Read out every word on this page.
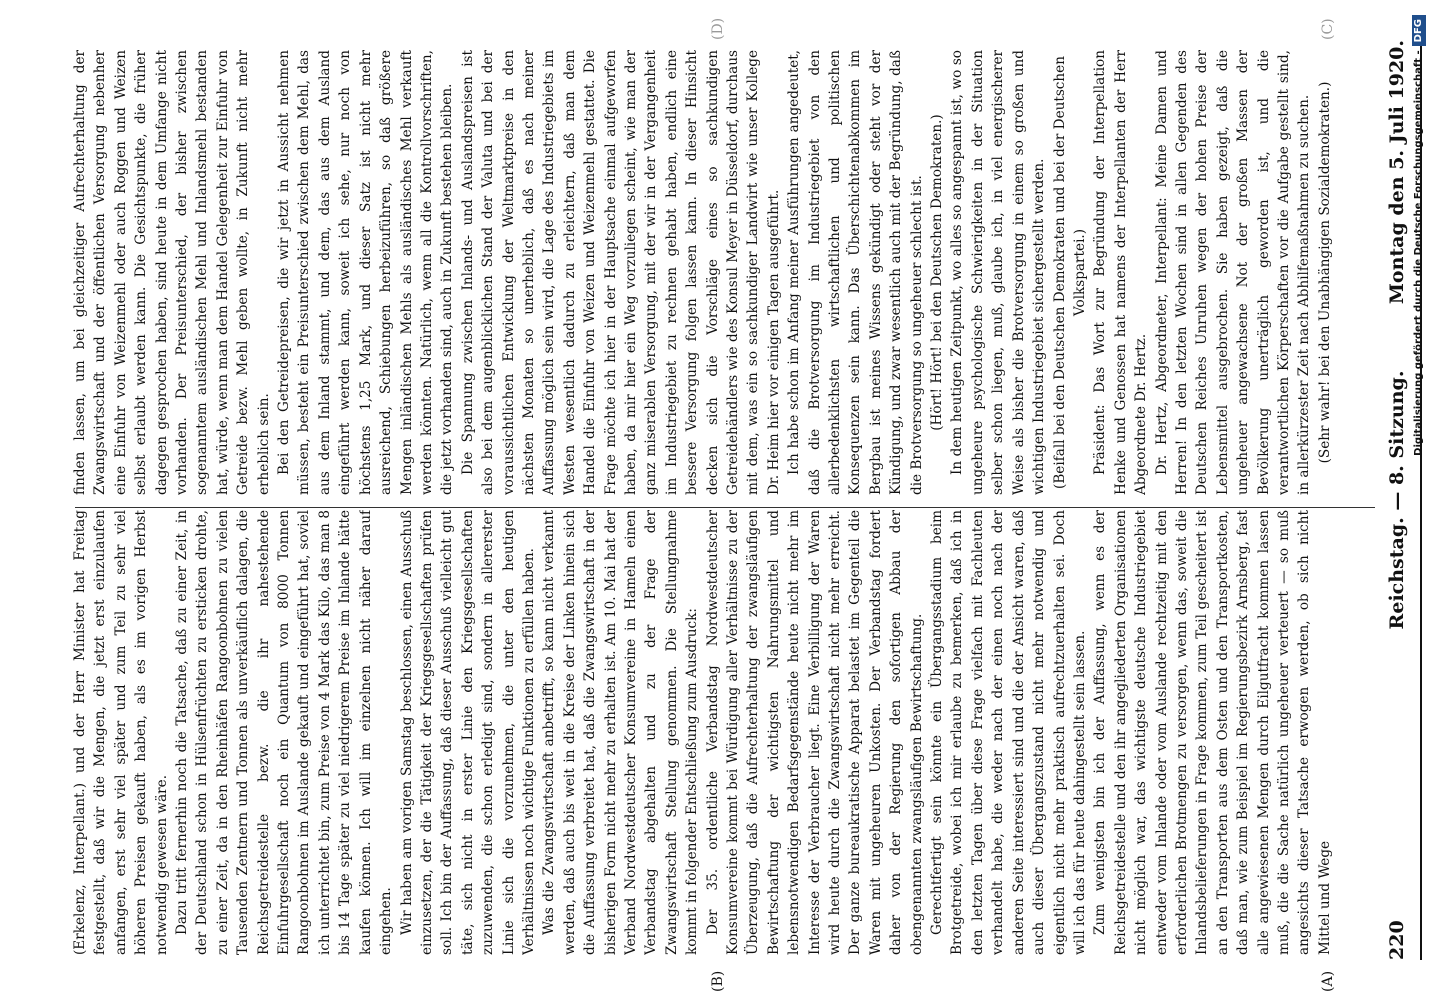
220
Reichstag. — 8. Sitzung.
Montag den 5. Juli 1920.
(A)
(B)
(C)
(D)

(Erkelenz, Interpellant.) und der Herr Minister hat Freitag festgestellt, daß wir die Mengen, die jetzt erst einzulaufen anfangen, erst sehr viel später und zum Teil zu sehr viel höheren Preisen gekauft haben, als es im vorigen Herbst notwendig gewesen wäre. Dazu tritt fernerhin noch die Tatsache, daß zu einer Zeit, in der Deutschland schon in Hülsenfrüchten zu ersticken drohte, zu einer Zeit, da in den Rheinhäfen Rangoonbohnen zu vielen Tausenden Zentnern und Tonnen als unverkäuflich dalagen, die Reichsgetreidestelle bezw. die ihr nahestehende Einfuhrgesellschaft noch ein Quantum von 8000 Tonnen Rangoonbohnen im Auslande gekauft und eingeführt hat, soviel ich unterrichtet bin, zum Preise von 4 Mark das Kilo, das man 8 bis 14 Tage später zu viel niedrigerem Preise im Inlande hätte kaufen können. Ich will im einzelnen nicht näher darauf eingehen. Wir haben am vorigen Samstag beschlossen, einen Ausschuß einzusetzen, der die Tätigkeit der Kriegsgesellschaften prüfen soll. Ich bin der Auffassung, daß dieser Ausschuß vielleicht gut täte, sich nicht in erster Linie den Kriegsgesellschaften zuzuwenden, die schon erledigt sind, sondern in allererster Linie sich die vorzunehmen, die unter den heutigen Verhältnissen noch wichtige Funktionen zu erfüllen haben. Was die Zwangswirtschaft anbetrifft, so kann nicht verkannt werden, daß auch bis weit in die Kreise der Linken hinein sich die Auffassung verbreitet hat, daß die Zwangswirtschaft in der bisherigen Form nicht mehr zu erhalten ist. Am 10. Mai hat der Verband Nordwestdeutscher Konsumvereine in Hameln einen Verbandstag abgehalten und zu der Frage der Zwangswirtschaft Stellung genommen. Die Stellungnahme kommt in folgender Entschließung zum Ausdruck: Der 35. ordentliche Verbandstag Nordwestdeutscher Konsumvereine kommt bei Würdigung aller Verhältnisse zu der Überzeugung, daß die Aufrechterhaltung der zwangsläufigen Bewirtschaftung der wichtigsten Nahrungsmittel und lebensnotwendigen Bedarfsgegenstände heute nicht mehr im Interesse der Verbraucher liegt. Eine Verbilligung der Waren wird heute durch die Zwangswirtschaft nicht mehr erreicht. Der ganze bureaukratische Apparat belastet im Gegenteil die Waren mit ungeheuren Unkosten. Der Verbandstag fordert daher von der Regierung den sofortigen Abbau der obengenannten zwangsläufigen Bewirtschaftung. Gerechtfertigt sein könnte ein Übergangsstadium beim Brotgetreide, wobei ich mir erlaube zu bemerken, daß ich in den letzten Tagen über diese Frage vielfach mit Fachleuten verhandelt habe, die weder nach der einen noch nach der anderen Seite interessiert sind und die der Ansicht waren, daß auch dieser Übergangszustand nicht mehr notwendig und eigentlich nicht mehr praktisch aufrechtzuerhalten sei. Doch will ich das für heute dahingestellt sein lassen. Zum wenigsten bin ich der Auffassung, wenn es der Reichsgetreidestelle und den ihr angegliederten Organisationen nicht möglich war, das wichtigste deutsche Industriegebiet entweder vom Inlande oder vom Auslande rechtzeitig mit den erforderlichen Brotmengen zu versorgen, wenn das, soweit die Inlandsbelieferungen in Frage kommen, zum Teil gescheitert ist an den Transporten aus dem Osten und den Transportkosten, daß man, wie zum Beispiel im Regierungsbezirk Arnsberg, fast alle angewiesenen Mengen durch Eilgutfracht kommen lassen muß, die die Sache natürlich ungeheuer verteuert — so muß angesichts dieser Tatsache erwogen werden, ob sich nicht Mittel und Wege

finden lassen, um bei gleichzeitiger Aufrechterhaltung der Zwangswirtschaft und der öffentlichen Versorgung nebenher eine Einfuhr von Weizenmehl oder auch Roggen und Weizen selbst erlaubt werden kann. Die Gesichtspunkte, die früher dagegen gesprochen haben, sind heute in dem Umfange nicht vorhanden. Der Preisunterschied, der bisher zwischen sogenanntem ausländischen Mehl und Inlandsmehl bestanden hat, würde, wenn man dem Handel Gelegenheit zur Einfuhr von Getreide bezw. Mehl geben wollte, in Zukunft nicht mehr erheblich sein. Bei den Getreidepreisen, die wir jetzt in Aussicht nehmen müssen, besteht ein Preisunterschied zwischen dem Mehl, das aus dem Inland stammt, und dem, das aus dem Ausland eingeführt werden kann, soweit ich sehe, nur noch von höchstens 1,25 Mark, und dieser Satz ist nicht mehr ausreichend, Schiebungen herbeizuführen, so daß größere Mengen inländischen Mehls als ausländisches Mehl verkauft werden könnten. Natürlich, wenn all die Kontrollvorschriften, die jetzt vorhanden sind, auch in Zukunft bestehen bleiben. Die Spannung zwischen Inlands- und Auslandspreisen ist also bei dem augenblicklichen Stand der Valuta und bei der voraussichtlichen Entwicklung der Weltmarktpreise in den nächsten Monaten so unerheblich, daß es nach meiner Auffassung möglich sein wird, die Lage des Industriegebiets im Westen wesentlich dadurch zu erleichtern, daß man dem Handel die Einfuhr von Weizen und Weizenmehl gestattet. Die Frage möchte ich hier in der Hauptsache einmal aufgeworfen haben, da mir hier ein Weg vorzuliegen scheint, wie man der ganz miserablen Versorgung, mit der wir in der Vergangenheit im Industriegebiet zu rechnen gehabt haben, endlich eine bessere Versorgung folgen lassen kann. In dieser Hinsicht decken sich die Vorschläge eines so sachkundigen Getreidehändlers wie des Konsul Meyer in Düsseldorf, durchaus mit dem, was ein so sachkundiger Landwirt wie unser Kollege Dr. Heim hier vor einigen Tagen ausgeführt. Ich habe schon im Anfang meiner Ausführungen angedeutet, daß die Brotversorgung im Industriegebiet von den allerbedenklichsten wirtschaftlichen und politischen Konsequenzen sein kann. Das Überschichtenabkommen im Bergbau ist meines Wissens gekündigt oder steht vor der Kündigung, und zwar wesentlich auch mit der Begründung, daß die Brotversorgung so ungeheuer schlecht ist. (Hört! Hört! bei den Deutschen Demokraten.) In dem heutigen Zeitpunkt, wo alles so angespannt ist, wo so ungeheure psychologische Schwierigkeiten in der Situation selber schon liegen, muß, glaube ich, in viel energischerer Weise als bisher die Brotversorgung in einem so großen und wichtigen Industriegebiet sichergestellt werden. (Beifall bei den Deutschen Demokraten und bei der Deutschen Volkspartei.) Präsident: Das Wort zur Begründung der Interpellation Henke und Genossen hat namens der Interpellanten der Herr Abgeordnete Dr. Hertz. Dr. Hertz, Abgeordneter, Interpellant: Meine Damen und Herren! In den letzten Wochen sind in allen Gegenden des Deutschen Reiches Unruhen wegen der hohen Preise der Lebensmittel ausgebrochen. Sie haben gezeigt, daß die ungeheuer angewachsene Not der großen Massen der Bevölkerung unerträglich geworden ist, und die verantwortlichen Körperschaften vor die Aufgabe gestellt sind, in allerkürzester Zeit nach Abhilfemaßnahmen zu suchen. (Sehr wahr! bei den Unabhängigen Sozialdemokraten.)	Digitalisierung gefördert durch die Deutsche Forschungsgemeinschaft -DFG
